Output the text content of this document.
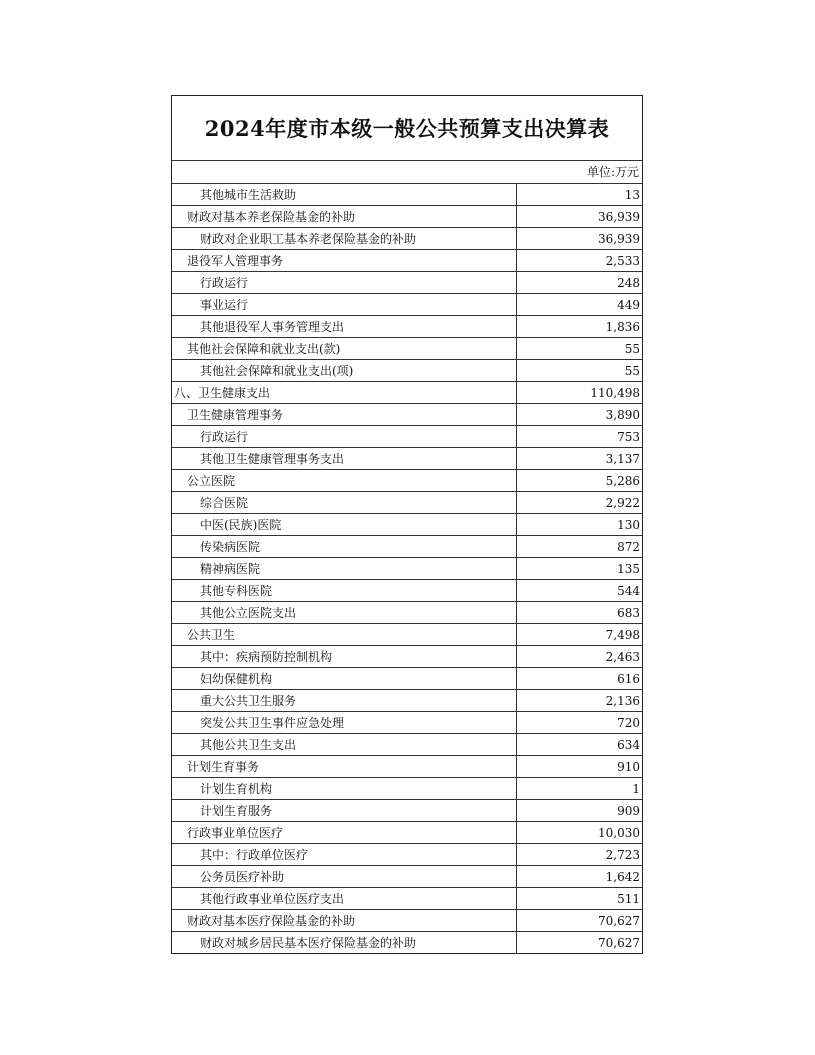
2024年度市本级一般公共预算支出决算表
单位:万元
其他城市生活救助	13
财政对基本养老保险基金的补助	36,939
财政对企业职工基本养老保险基金的补助	36,939
退役军人管理事务	2,533
行政运行	248
事业运行	449
其他退役军人事务管理支出	1,836
其他社会保障和就业支出(款)	55
其他社会保障和就业支出(项)	55
八、卫生健康支出	110,498
卫生健康管理事务	3,890
行政运行	753
其他卫生健康管理事务支出	3,137
公立医院	5,286
综合医院	2,922
中医(民族)医院	130
传染病医院	872
精神病医院	135
其他专科医院	544
其他公立医院支出	683
公共卫生	7,498
其中：疾病预防控制机构	2,463
妇幼保健机构	616
重大公共卫生服务	2,136
突发公共卫生事件应急处理	720
其他公共卫生支出	634
计划生育事务	910
计划生育机构	1
计划生育服务	909
行政事业单位医疗	10,030
其中：行政单位医疗	2,723
公务员医疗补助	1,642
其他行政事业单位医疗支出	511
财政对基本医疗保险基金的补助	70,627
财政对城乡居民基本医疗保险基金的补助	70,627
